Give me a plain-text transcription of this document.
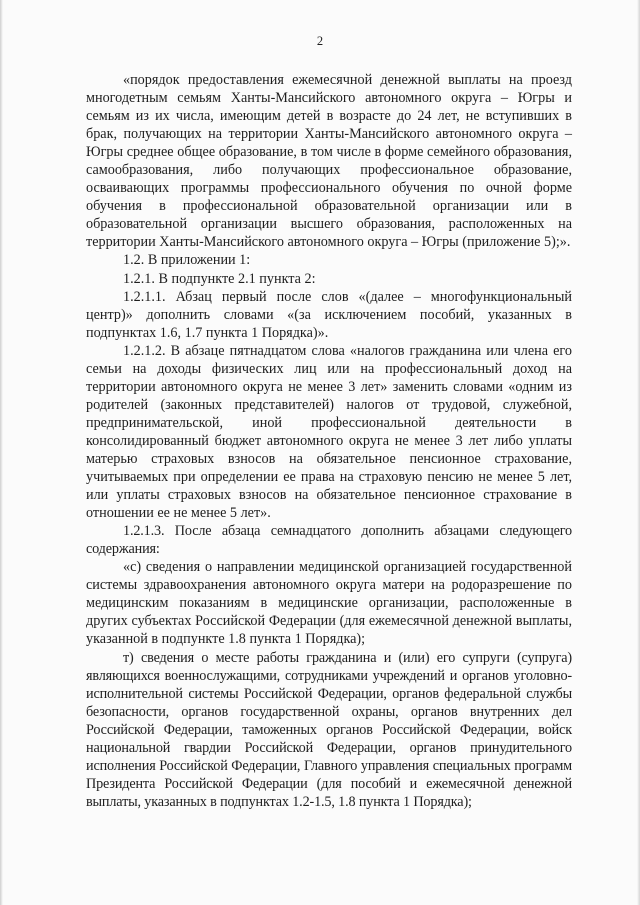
2

«порядок предоставления ежемесячной денежной выплаты на проезд многодетным семьям Ханты-Мансийского автономного округа – Югры и семьям из их числа, имеющим детей в возрасте до 24 лет, не вступивших в брак, получающих на территории Ханты-Мансийского автономного округа – Югры среднее общее образование, в том числе в форме семейного образования, самообразования, либо получающих профессиональное образование, осваивающих программы профессионального обучения по очной форме обучения в профессиональной образовательной организации или в образовательной организации высшего образования, расположенных на территории Ханты-Мансийского автономного округа – Югры (приложение 5);».

1.2. В приложении 1:

1.2.1. В подпункте 2.1 пункта 2:

1.2.1.1. Абзац первый после слов «(далее – многофункциональный центр)» дополнить словами «(за исключением пособий, указанных в подпунктах 1.6, 1.7 пункта 1 Порядка)».

1.2.1.2. В абзаце пятнадцатом слова «налогов гражданина или члена его семьи на доходы физических лиц или на профессиональный доход на территории автономного округа не менее 3 лет» заменить словами «одним из родителей (законных представителей) налогов от трудовой, служебной, предпринимательской, иной профессиональной деятельности в консолидированный бюджет автономного округа не менее 3 лет либо уплаты матерью страховых взносов на обязательное пенсионное страхование, учитываемых при определении ее права на страховую пенсию не менее 5 лет, или уплаты страховых взносов на обязательное пенсионное страхование в отношении ее не менее 5 лет».

1.2.1.3. После абзаца семнадцатого дополнить абзацами следующего содержания:

«с) сведения о направлении медицинской организацией государственной системы здравоохранения автономного округа матери на родоразрешение по медицинским показаниям в медицинские организации, расположенные в других субъектах Российской Федерации (для ежемесячной денежной выплаты, указанной в подпункте 1.8 пункта 1 Порядка);

т) сведения о месте работы гражданина и (или) его супруги (супруга) являющихся военнослужащими, сотрудниками учреждений и органов уголовно-исполнительной системы Российской Федерации, органов федеральной службы безопасности, органов государственной охраны, органов внутренних дел Российской Федерации, таможенных органов Российской Федерации, войск национальной гвардии Российской Федерации, органов принудительного исполнения Российской Федерации, Главного управления специальных программ Президента Российской Федерации (для пособий и ежемесячной денежной выплаты, указанных в подпунктах 1.2-1.5, 1.8 пункта 1 Порядка);
